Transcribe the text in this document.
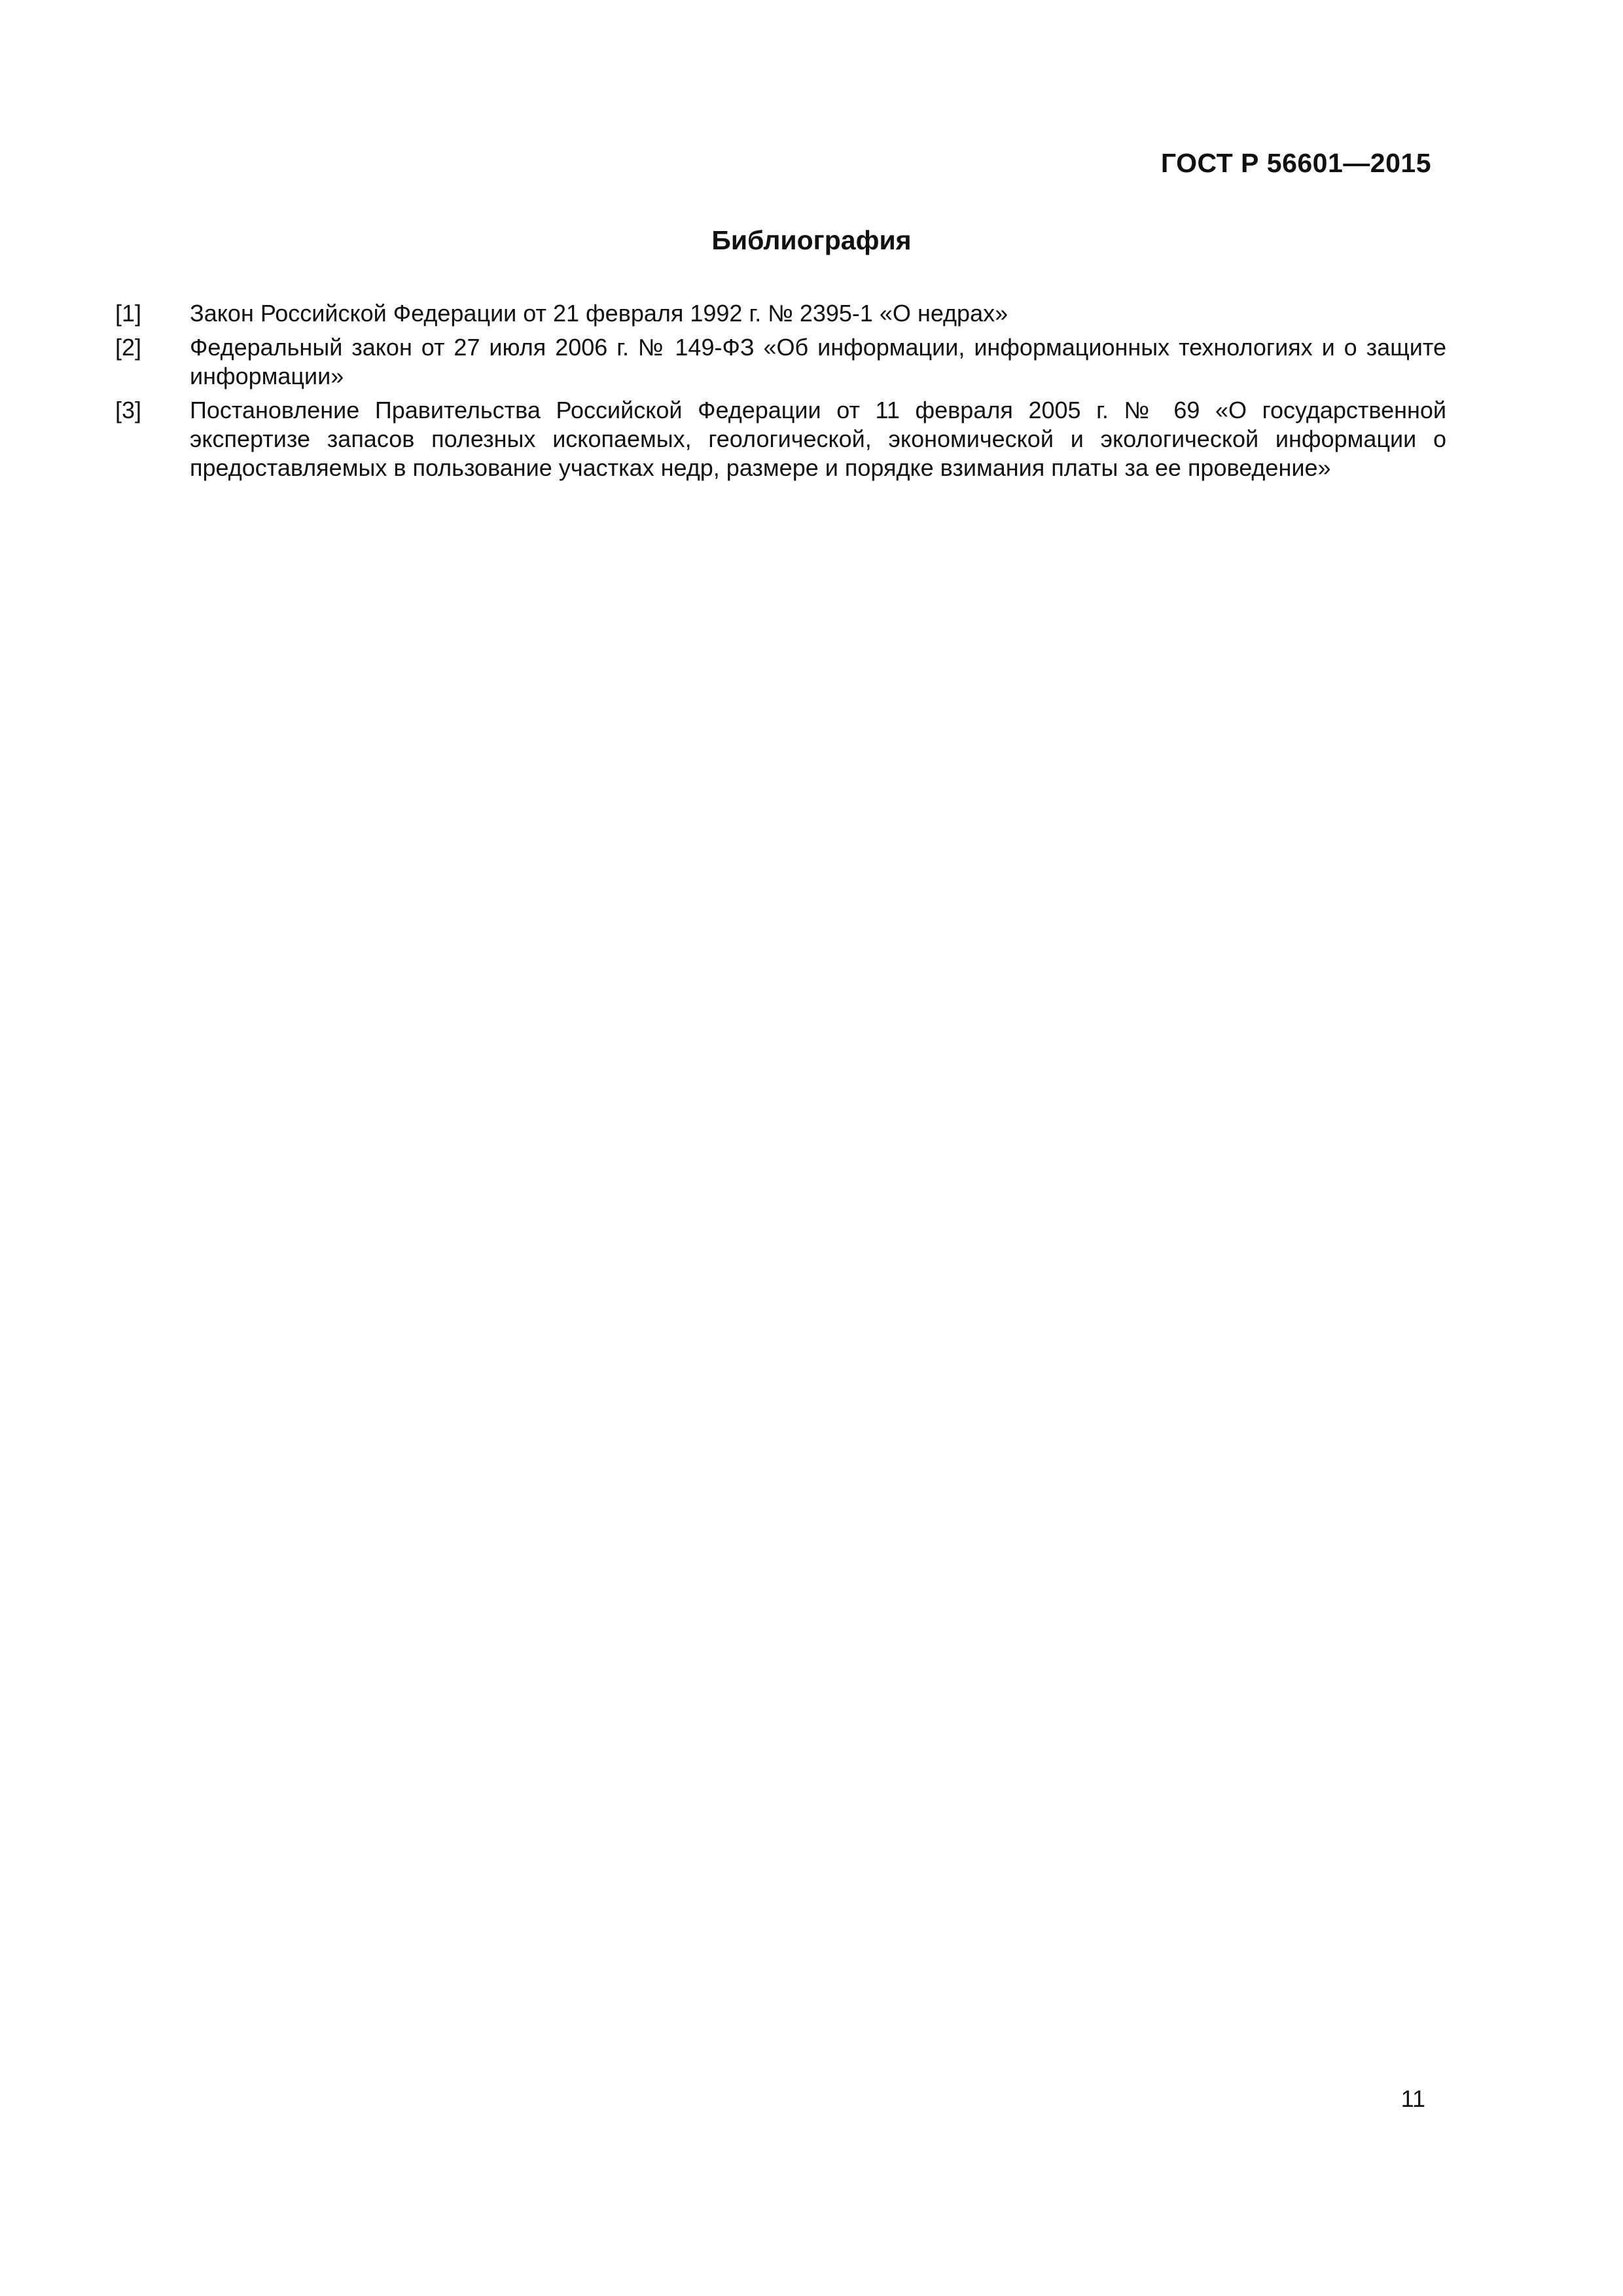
ГОСТ Р 56601—2015
Библиография
[1] Закон Российской Федерации от 21 февраля 1992 г. № 2395-1 «О недрах»
[2] Федеральный закон от 27 июля 2006 г. № 149-ФЗ «Об информации, информационных технологиях и о защите информации»
[3] Постановление Правительства Российской Федерации от 11 февраля 2005 г. № 69 «О государственной экспертизе запасов полезных ископаемых, геологической, экономической и экологической информации о предоставляемых в пользование участках недр, размере и порядке взимания платы за ее проведение»
11
